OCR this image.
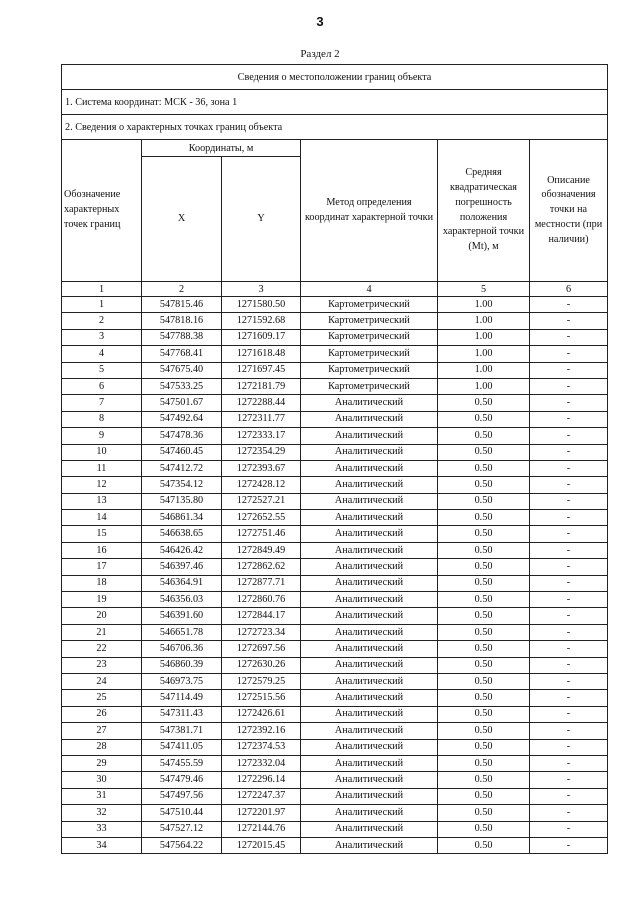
3
Раздел 2
Сведения о местоположении границ объекта					
1. Система координат: МСК - 36, зона 1					
2. Сведения о характерных точках границ объекта					
Обозначение характерных точек границ	Координаты, м		Метод определения координат характерной точки	Средняя квадратическая погрешность положения характерной точки (Mt), м	Описание обозначения точки на местности (при наличии)
	X	Y			
1	2	3	4	5	6
1	547815.46	1271580.50	Картометрический	1.00	-
2	547818.16	1271592.68	Картометрический	1.00	-
3	547788.38	1271609.17	Картометрический	1.00	-
4	547768.41	1271618.48	Картометрический	1.00	-
5	547675.40	1271697.45	Картометрический	1.00	-
6	547533.25	1272181.79	Картометрический	1.00	-
7	547501.67	1272288.44	Аналитический	0.50	-
8	547492.64	1272311.77	Аналитический	0.50	-
9	547478.36	1272333.17	Аналитический	0.50	-
10	547460.45	1272354.29	Аналитический	0.50	-
11	547412.72	1272393.67	Аналитический	0.50	-
12	547354.12	1272428.12	Аналитический	0.50	-
13	547135.80	1272527.21	Аналитический	0.50	-
14	546861.34	1272652.55	Аналитический	0.50	-
15	546638.65	1272751.46	Аналитический	0.50	-
16	546426.42	1272849.49	Аналитический	0.50	-
17	546397.46	1272862.62	Аналитический	0.50	-
18	546364.91	1272877.71	Аналитический	0.50	-
19	546356.03	1272860.76	Аналитический	0.50	-
20	546391.60	1272844.17	Аналитический	0.50	-
21	546651.78	1272723.34	Аналитический	0.50	-
22	546706.36	1272697.56	Аналитический	0.50	-
23	546860.39	1272630.26	Аналитический	0.50	-
24	546973.75	1272579.25	Аналитический	0.50	-
25	547114.49	1272515.56	Аналитический	0.50	-
26	547311.43	1272426.61	Аналитический	0.50	-
27	547381.71	1272392.16	Аналитический	0.50	-
28	547411.05	1272374.53	Аналитический	0.50	-
29	547455.59	1272332.04	Аналитический	0.50	-
30	547479.46	1272296.14	Аналитический	0.50	-
31	547497.56	1272247.37	Аналитический	0.50	-
32	547510.44	1272201.97	Аналитический	0.50	-
33	547527.12	1272144.76	Аналитический	0.50	-
34	547564.22	1272015.45	Аналитический	0.50	-
